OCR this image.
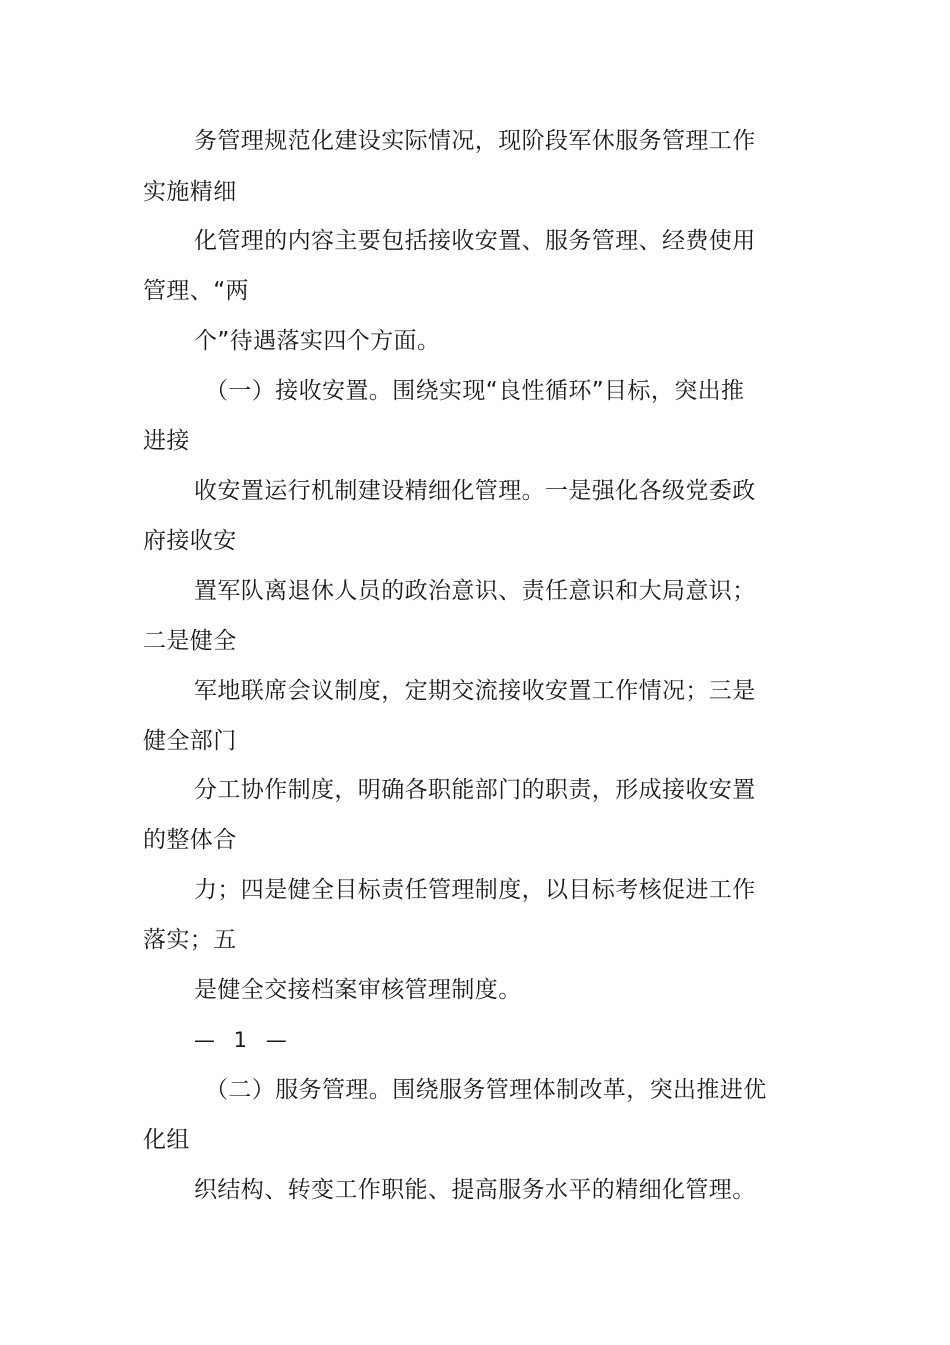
务管理规范化建设实际情况，现阶段军休服务管理工作
实施精细
化管理的内容主要包括接收安置、服务管理、经费使用
管理、“两
个”待遇落实四个方面。
（一）接收安置。围绕实现“良性循环”目标，突出推
进接
收安置运行机制建设精细化管理。一是强化各级党委政
府接收安
置军队离退休人员的政治意识、责任意识和大局意识；
二是健全
军地联席会议制度，定期交流接收安置工作情况；三是
健全部门
分工协作制度，明确各职能部门的职责，形成接收安置
的整体合
力；四是健全目标责任管理制度，以目标考核促进工作
落实；五
是健全交接档案审核管理制度。
— 1 —
（二）服务管理。围绕服务管理体制改革，突出推进优
化组
织结构、转变工作职能、提高服务水平的精细化管理。
